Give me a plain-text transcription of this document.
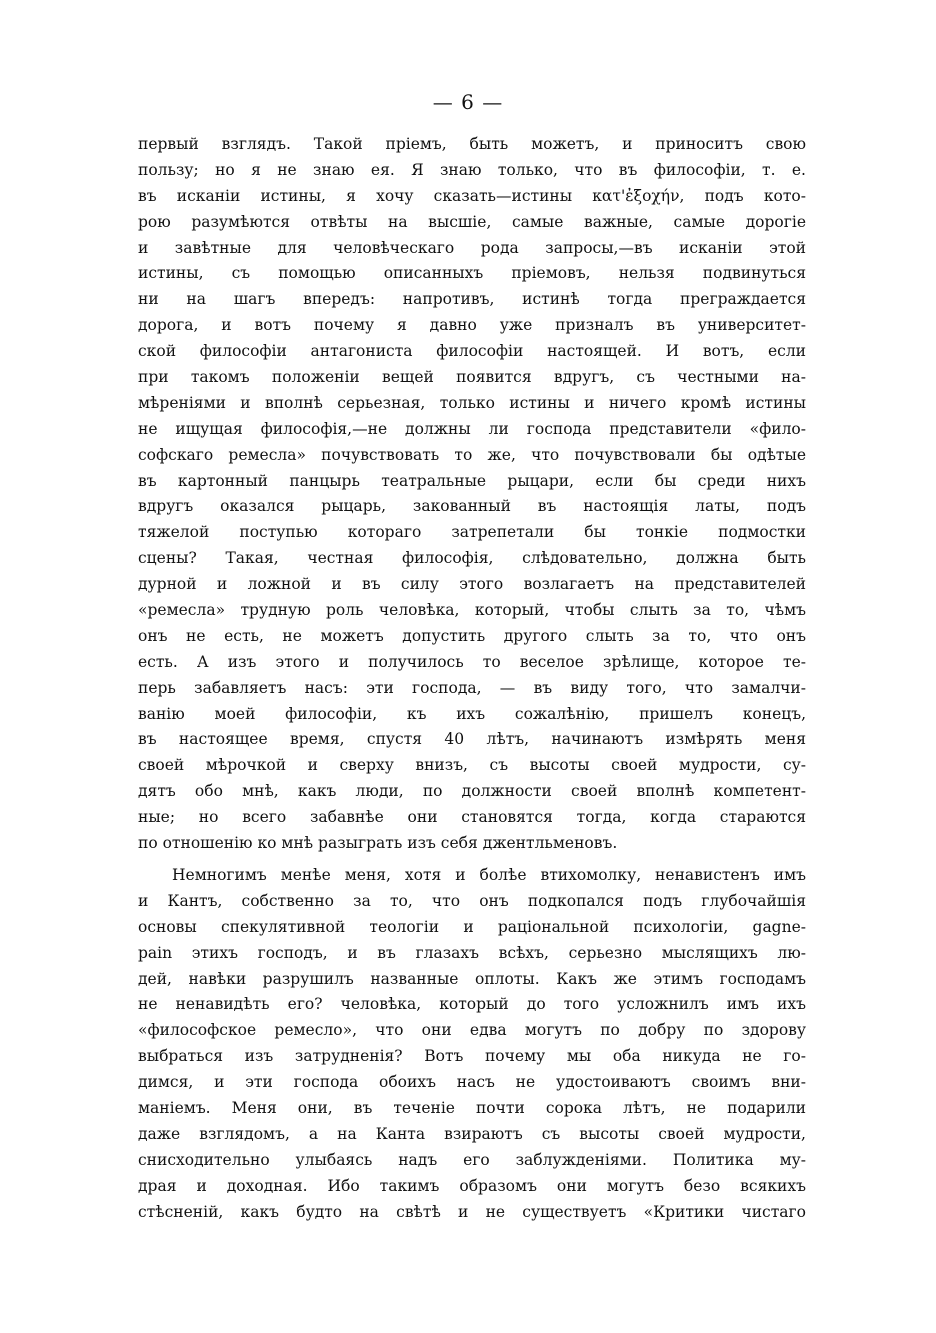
— 6 —
первый взглядъ. Такой пріемъ, быть можетъ, и приноситъ свою
пользу; но я не знаю ея. Я знаю только, что въ философіи, т. е.
въ исканіи истины, я хочу сказать—истины κατ'ἐξοχήν, подъ кото-
рою разумѣются отвѣты на высшіе, самые важные, самые дорогіе
и завѣтные для человѣческаго рода запросы,—въ исканіи этой
истины, съ помощью описанныхъ пріемовъ, нельзя подвинуться
ни на шагъ впередъ: напротивъ, истинѣ тогда преграждается
дорога, и вотъ почему я давно уже призналъ въ университет-
ской философіи антагониста философіи настоящей. И вотъ, если
при такомъ положеніи вещей появится вдругъ, съ честными на-
мѣреніями и вполнѣ серьезная, только истины и ничего кромѣ истины
не ищущая философія,—не должны ли господа представители «фило-
софскаго ремесла» почувствовать то же, что почувствовали бы одѣтые
въ картонный панцырь театральные рыцари, если бы среди нихъ
вдругъ оказался рыцарь, закованный въ настоящія латы, подъ
тяжелой поступью котораго затрепетали бы тонкіе подмостки
сцены? Такая, честная философія, слѣдовательно, должна быть
дурной и ложной и въ силу этого возлагаетъ на представителей
«ремесла» трудную роль человѣка, который, чтобы слыть за то, чѣмъ
онъ не есть, не можетъ допустить другого слыть за то, что онъ
есть. А изъ этого и получилось то веселое зрѣлище, которое те-
перь забавляетъ насъ: эти господа, — въ виду того, что замалчи-
ванію моей философіи, къ ихъ сожалѣнію, пришелъ конецъ,
въ настоящее время, спустя 40 лѣтъ, начинаютъ измѣрять меня
своей мѣрочкой и сверху внизъ, съ высоты своей мудрости, су-
дятъ обо мнѣ, какъ люди, по должности своей вполнѣ компетент-
ные; но всего забавнѣе они становятся тогда, когда стараются
по отношенію ко мнѣ разыграть изъ себя джентльменовъ.
Немногимъ менѣе меня, хотя и болѣе втихомолку, ненавистенъ имъ
и Кантъ, собственно за то, что онъ подкопался подъ глубочайшія
основы спекулятивной теологіи и раціональной психологіи, gagne-
pain этихъ господъ, и въ глазахъ всѣхъ, серьезно мыслящихъ лю-
дей, навѣки разрушилъ названные оплоты. Какъ же этимъ господамъ
не ненавидѣть его? человѣка, который до того усложнилъ имъ ихъ
«философское ремесло», что они едва могутъ по добру по здорову
выбраться изъ затрудненія? Вотъ почему мы оба никуда не го-
димся, и эти господа обоихъ насъ не удостоиваютъ своимъ вни-
маніемъ. Меня они, въ теченіе почти сорока лѣтъ, не подарили
даже взглядомъ, а на Канта взираютъ съ высоты своей мудрости,
снисходительно улыбаясь надъ его заблужденіями. Политика му-
драя и доходная. Ибо такимъ образомъ они могутъ безо всякихъ
стѣсненій, какъ будто на свѣтѣ и не существуетъ «Критики чистаго
